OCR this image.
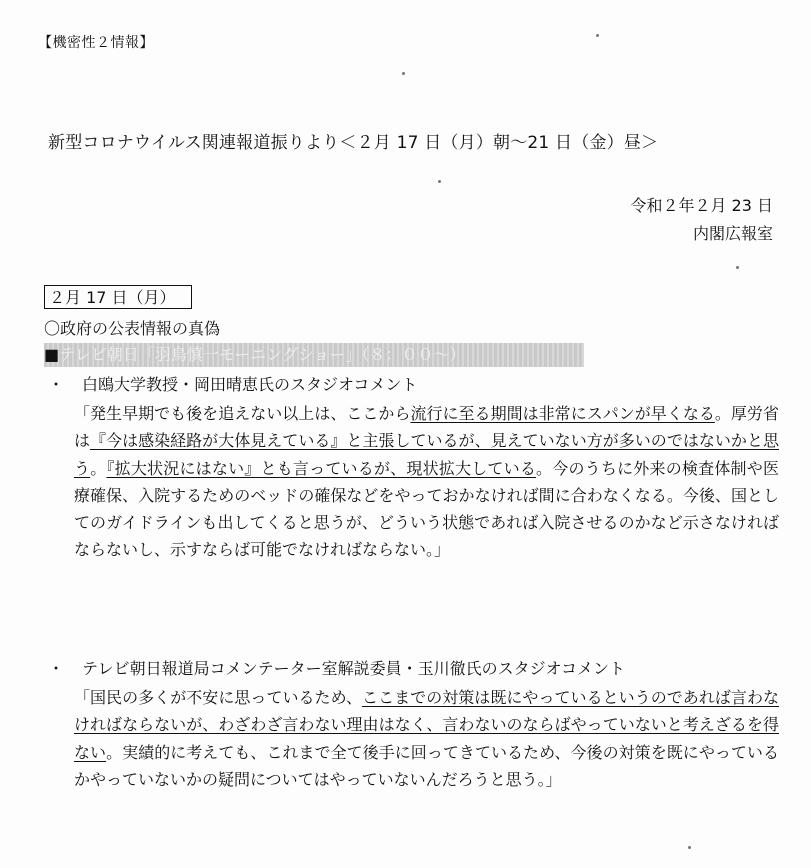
【機密性２情報】
新型コロナウイルス関連報道振りより＜２月 17 日（月）朝～21 日（金）昼＞
令和２年２月 23 日
内閣広報室
２月 17 日（月）
〇政府の公表情報の真偽
■テレビ朝日「羽鳥慎一モーニングショー」（８：００～）
・ 白鴎大学教授・岡田晴恵氏のスタジオコメント
「発生早期でも後を追えない以上は、ここから流行に至る期間は非常にスパンが早くなる。厚労省は『今は感染経路が大体見えている』と主張しているが、見えていない方が多いのではないかと思う。『拡大状況にはない』とも言っているが、現状拡大している。今のうちに外来の検査体制や医療確保、入院するためのベッドの確保などをやっておかなければ間に合わなくなる。今後、国としてのガイドラインも出してくると思うが、どういう状態であれば入院させるのかなど示さなければならないし、示すならば可能でなければならない。」
・ テレビ朝日報道局コメンテーター室解説委員・玉川徹氏のスタジオコメント
「国民の多くが不安に思っているため、ここまでの対策は既にやっているというのであれば言わなければならないが、わざわざ言わない理由はなく、言わないのならばやっていないと考えざるを得ない。実績的に考えても、これまで全て後手に回ってきているため、今後の対策を既にやっているかやっていないかの疑問についてはやっていないんだろうと思う。」
